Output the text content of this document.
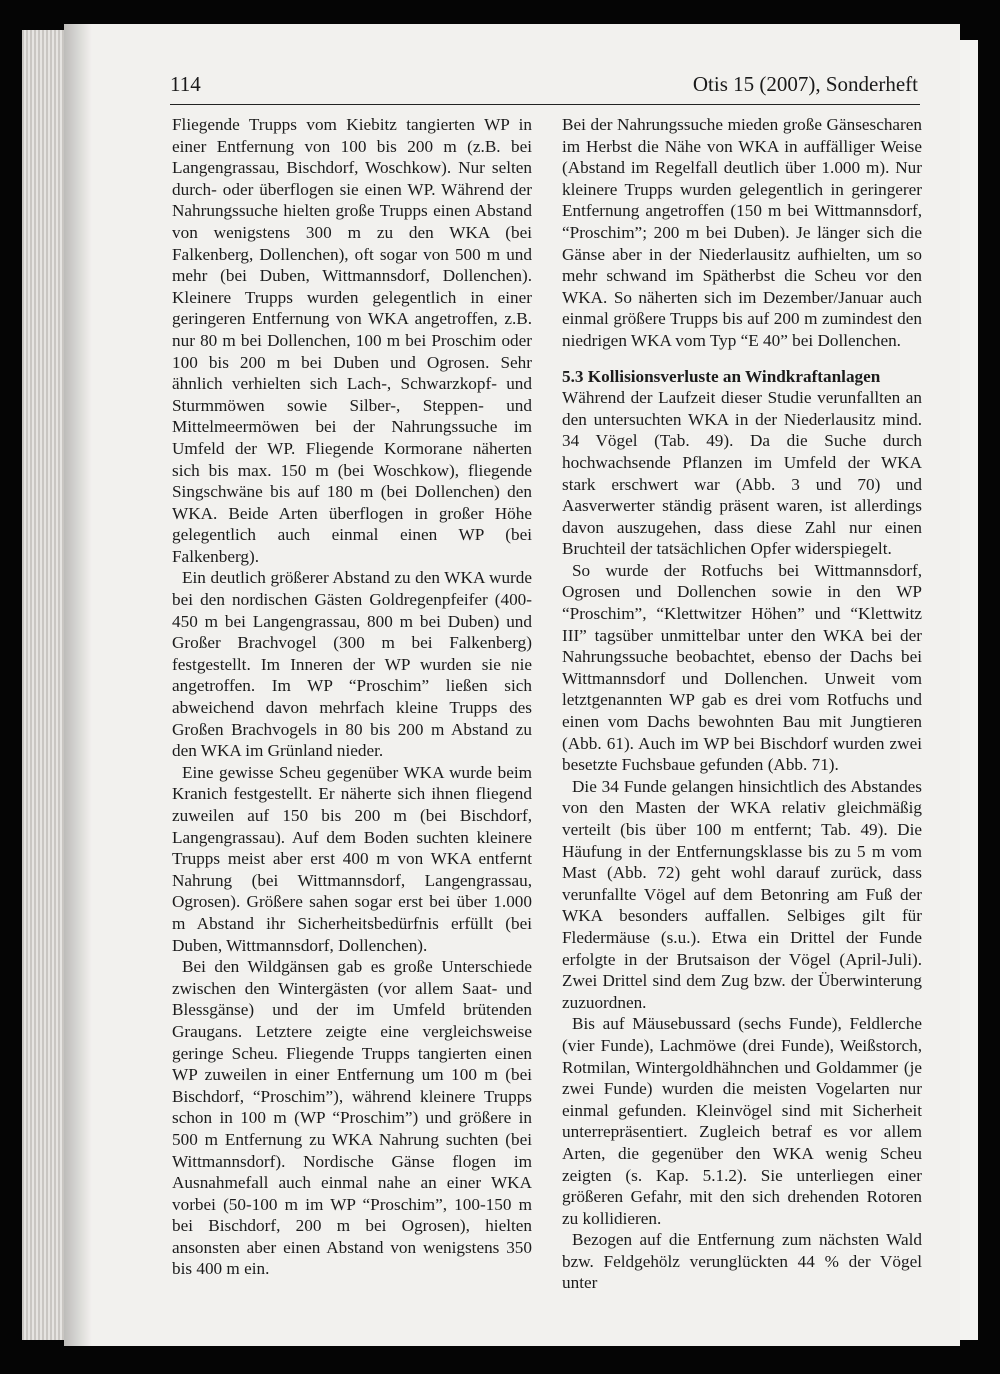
114	Otis 15 (2007), Sonderheft

Fliegende Trupps vom Kiebitz tangierten WP in einer Entfernung von 100 bis 200 m (z.B. bei Langengrassau, Bischdorf, Woschkow). Nur selten durch- oder überflogen sie einen WP. Während der Nahrungssuche hielten große Trupps einen Abstand von wenigstens 300 m zu den WKA (bei Falkenberg, Dollenchen), oft sogar von 500 m und mehr (bei Duben, Wittmannsdorf, Dollenchen). Kleinere Trupps wurden gelegentlich in einer geringeren Entfernung von WKA angetroffen, z.B. nur 80 m bei Dollenchen, 100 m bei Proschim oder 100 bis 200 m bei Duben und Ogrosen. Sehr ähnlich verhielten sich Lach-, Schwarzkopf- und Sturmmöwen sowie Silber-, Steppen- und Mittelmeermöwen bei der Nahrungssuche im Umfeld der WP. Fliegende Kormorane näherten sich bis max. 150 m (bei Woschkow), fliegende Singschwäne bis auf 180 m (bei Dollenchen) den WKA. Beide Arten überflogen in großer Höhe gelegentlich auch einmal einen WP (bei Falkenberg).

Ein deutlich größerer Abstand zu den WKA wurde bei den nordischen Gästen Goldregenpfeifer (400-450 m bei Langengrassau, 800 m bei Duben) und Großer Brachvogel (300 m bei Falkenberg) festgestellt. Im Inneren der WP wurden sie nie angetroffen. Im WP “Proschim” ließen sich abweichend davon mehrfach kleine Trupps des Großen Brachvogels in 80 bis 200 m Abstand zu den WKA im Grünland nieder.

Eine gewisse Scheu gegenüber WKA wurde beim Kranich festgestellt. Er näherte sich ihnen fliegend zuweilen auf 150 bis 200 m (bei Bischdorf, Langengrassau). Auf dem Boden suchten kleinere Trupps meist aber erst 400 m von WKA entfernt Nahrung (bei Wittmannsdorf, Langengrassau, Ogrosen). Größere sahen sogar erst bei über 1.000 m Abstand ihr Sicherheitsbedürfnis erfüllt (bei Duben, Wittmannsdorf, Dollenchen).

Bei den Wildgänsen gab es große Unterschiede zwischen den Wintergästen (vor allem Saat- und Blessgänse) und der im Umfeld brütenden Graugans. Letztere zeigte eine vergleichsweise geringe Scheu. Fliegende Trupps tangierten einen WP zuweilen in einer Entfernung um 100 m (bei Bischdorf, “Proschim”), während kleinere Trupps schon in 100 m (WP “Proschim”) und größere in 500 m Entfernung zu WKA Nahrung suchten (bei Wittmannsdorf). Nordische Gänse flogen im Ausnahmefall auch einmal nahe an einer WKA vorbei (50-100 m im WP “Proschim”, 100-150 m bei Bischdorf, 200 m bei Ogrosen), hielten ansonsten aber einen Abstand von wenigstens 350 bis 400 m ein.

Bei der Nahrungssuche mieden große Gänsescharen im Herbst die Nähe von WKA in auffälliger Weise (Abstand im Regelfall deutlich über 1.000 m). Nur kleinere Trupps wurden gelegentlich in geringerer Entfernung angetroffen (150 m bei Wittmannsdorf, “Proschim”; 200 m bei Duben). Je länger sich die Gänse aber in der Niederlausitz aufhielten, um so mehr schwand im Spätherbst die Scheu vor den WKA. So näherten sich im Dezember/Januar auch einmal größere Trupps bis auf 200 m zumindest den niedrigen WKA vom Typ “E 40” bei Dollenchen.

5.3 Kollisionsverluste an Windkraftanlagen

Während der Laufzeit dieser Studie verunfallten an den untersuchten WKA in der Niederlausitz mind. 34 Vögel (Tab. 49). Da die Suche durch hochwachsende Pflanzen im Umfeld der WKA stark erschwert war (Abb. 3 und 70) und Aasverwerter ständig präsent waren, ist allerdings davon auszugehen, dass diese Zahl nur einen Bruchteil der tatsächlichen Opfer widerspiegelt.

So wurde der Rotfuchs bei Wittmannsdorf, Ogrosen und Dollenchen sowie in den WP “Proschim”, “Klettwitzer Höhen” und “Klettwitz III” tagsüber unmittelbar unter den WKA bei der Nahrungssuche beobachtet, ebenso der Dachs bei Wittmannsdorf und Dollenchen. Unweit vom letztgenannten WP gab es drei vom Rotfuchs und einen vom Dachs bewohnten Bau mit Jungtieren (Abb. 61). Auch im WP bei Bischdorf wurden zwei besetzte Fuchsbaue gefunden (Abb. 71).

Die 34 Funde gelangen hinsichtlich des Abstandes von den Masten der WKA relativ gleichmäßig verteilt (bis über 100 m entfernt; Tab. 49). Die Häufung in der Entfernungsklasse bis zu 5 m vom Mast (Abb. 72) geht wohl darauf zurück, dass verunfallte Vögel auf dem Betonring am Fuß der WKA besonders auffallen. Selbiges gilt für Fledermäuse (s.u.). Etwa ein Drittel der Funde erfolgte in der Brutsaison der Vögel (April-Juli). Zwei Drittel sind dem Zug bzw. der Überwinterung zuzuordnen.

Bis auf Mäusebussard (sechs Funde), Feldlerche (vier Funde), Lachmöwe (drei Funde), Weißstorch, Rotmilan, Wintergoldhähnchen und Goldammer (je zwei Funde) wurden die meisten Vogelarten nur einmal gefunden. Kleinvögel sind mit Sicherheit unterrepräsentiert. Zugleich betraf es vor allem Arten, die gegenüber den WKA wenig Scheu zeigten (s. Kap. 5.1.2). Sie unterliegen einer größeren Gefahr, mit den sich drehenden Rotoren zu kollidieren.

Bezogen auf die Entfernung zum nächsten Wald bzw. Feldgehölz verunglückten 44 % der Vögel unter
